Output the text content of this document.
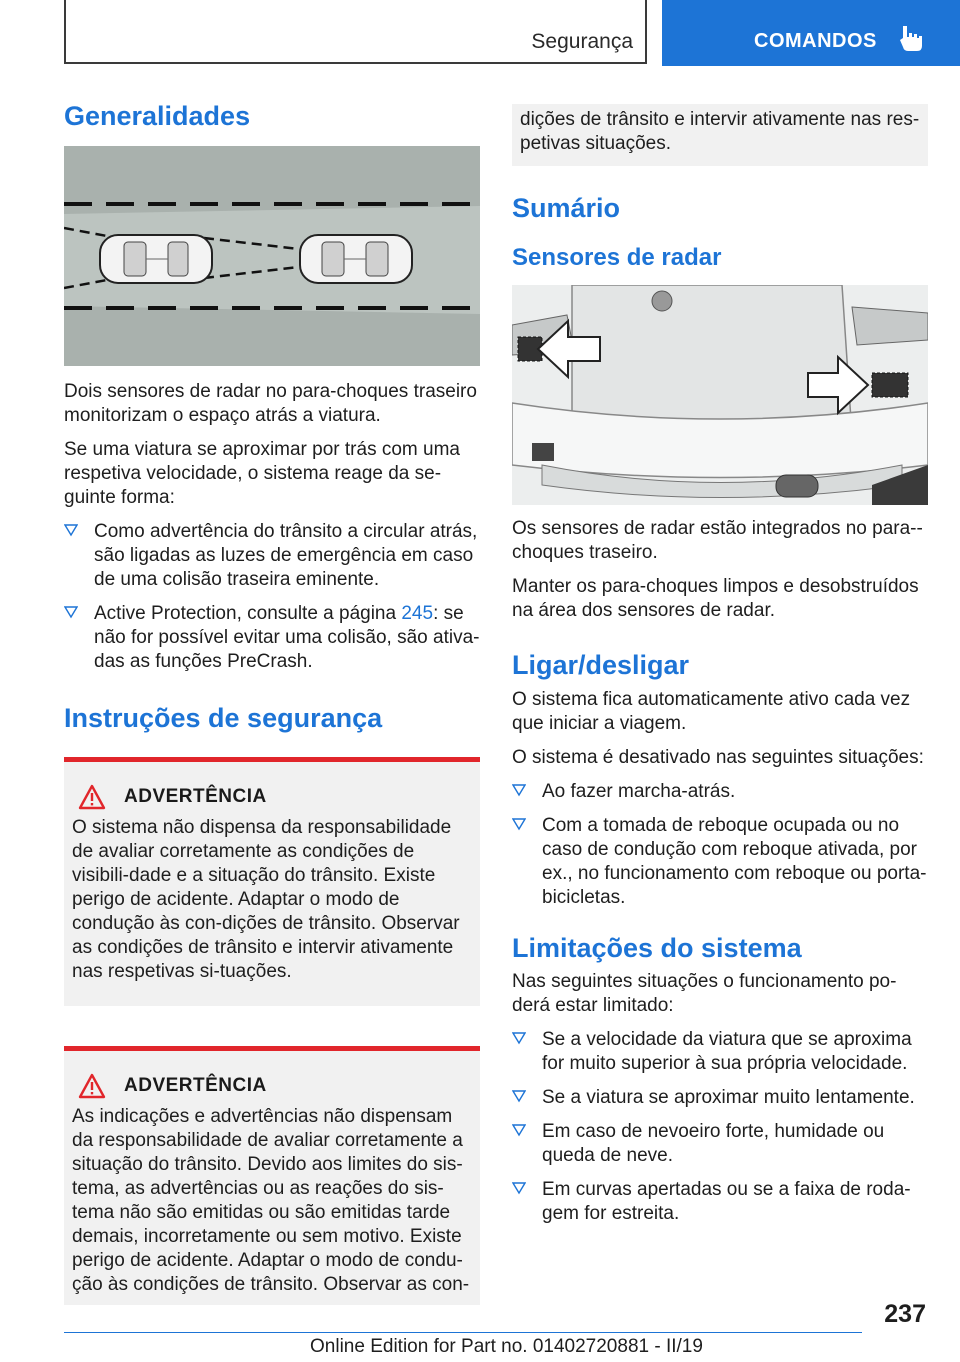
Segurança	COMANDOS
Generalidades

Dois sensores de radar no para-choques traseiro monitorizam o espaço atrás a viatura.

Se uma viatura se aproximar por trás com uma respetiva velocidade, o sistema reage da se-guinte forma:

Como advertência do trânsito a circular atrás, são ligadas as luzes de emergência em caso de uma colisão traseira eminente.
Active Protection, consulte a página 245: se não for possível evitar uma colisão, são ativa-das as funções PreCrash.
Instruções de segurança
ADVERTÊNCIA

O sistema não dispensa da responsabilidade de avaliar corretamente as condições de visibili-dade e a situação do trânsito. Existe perigo de acidente. Adaptar o modo de condução às con-dições de trânsito. Observar as condições de trânsito e intervir ativamente nas respetivas si-tuações.

ADVERTÊNCIA

As indicações e advertências não dispensam da responsabilidade de avaliar corretamente a situação do trânsito. Devido aos limites do sis-tema, as advertências ou as reações do sis-tema não são emitidas ou são emitidas tarde demais, incorretamente ou sem motivo. Existe perigo de acidente. Adaptar o modo de condu-ção às condições de trânsito. Observar as con-

dições de trânsito e intervir ativamente nas res-petivas situações.

Sumário
Sensores de radar

Os sensores de radar estão integrados no para--choques traseiro.

Manter os para-choques limpos e desobstruídos na área dos sensores de radar.

Ligar/desligar

O sistema fica automaticamente ativo cada vez que iniciar a viagem.

O sistema é desativado nas seguintes situações:

Ao fazer marcha-atrás.
Com a tomada de reboque ocupada ou no caso de condução com reboque ativada, por ex., no funcionamento com reboque ou porta-bicicletas.
Limitações do sistema

Nas seguintes situações o funcionamento po-derá estar limitado:

Se a velocidade da viatura que se aproxima for muito superior à sua própria velocidade.
Se a viatura se aproximar muito lentamente.
Em caso de nevoeiro forte, humidade ou queda de neve.
Em curvas apertadas ou se a faixa de roda-gem for estreita.
237
Online Edition for Part no. 01402720881 - II/19
